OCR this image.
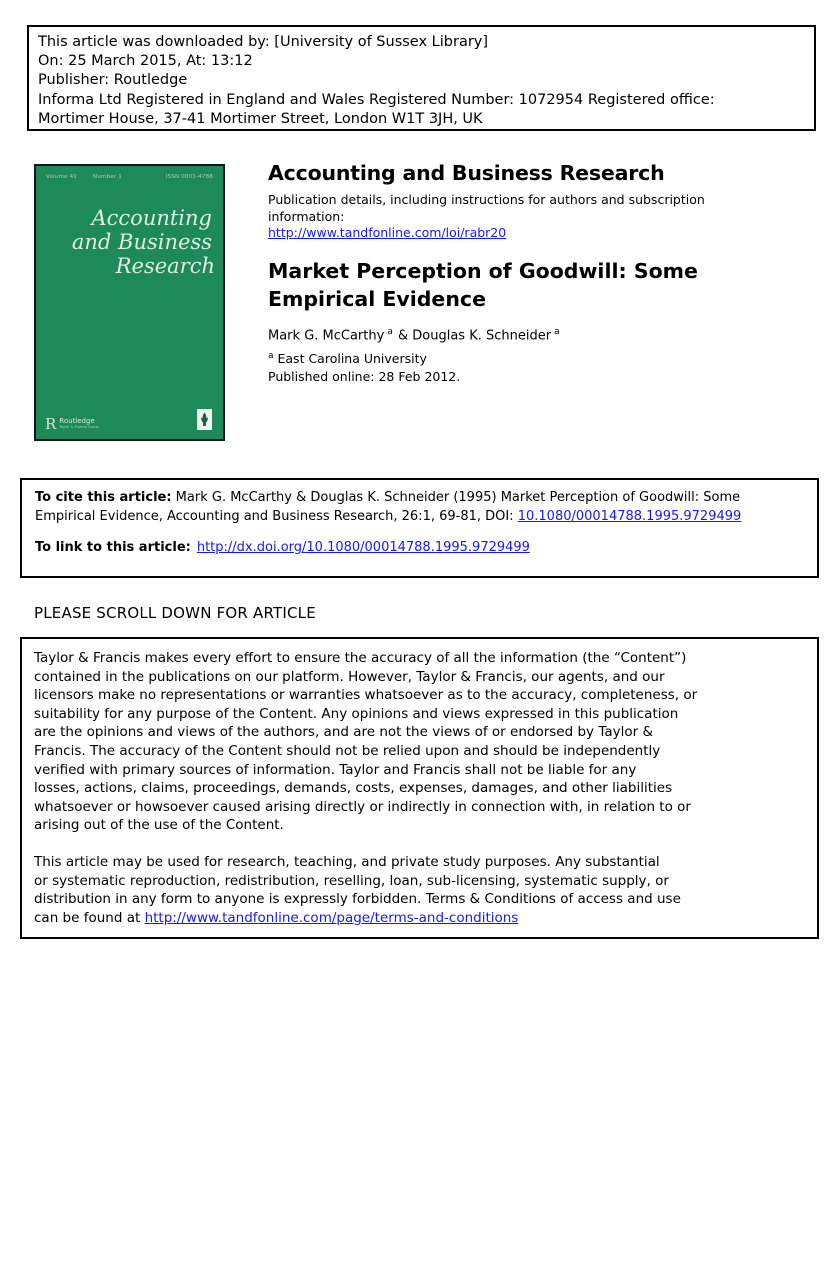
This article was downloaded by: [University of Sussex Library]
On: 25 March 2015, At: 13:12
Publisher: Routledge
Informa Ltd Registered in England and Wales Registered Number: 1072954 Registered office:
Mortimer House, 37-41 Mortimer Street, London W1T 3JH, UK
Volume 41	Number 1	ISSN 0001-4788
Accounting
and Business
Research
R Routledge
Taylor & Francis Group
Accounting and Business Research
Publication details, including instructions for authors and subscription
information:
http://www.tandfonline.com/loi/rabr20
Market Perception of Goodwill: Some
Empirical Evidence
Mark G. McCarthy $^a$ & Douglas K. Schneider $^a$
$^a$ East Carolina University
Published online: 28 Feb 2012.
To cite this article: Mark G. McCarthy & Douglas K. Schneider (1995) Market Perception of Goodwill: Some
Empirical Evidence, Accounting and Business Research, 26:1, 69-81, DOI: 10.1080/00014788.1995.9729499
To link to this article: http://dx.doi.org/10.1080/00014788.1995.9729499
PLEASE SCROLL DOWN FOR ARTICLE
Taylor & Francis makes every effort to ensure the accuracy of all the information (the “Content”)
contained in the publications on our platform. However, Taylor & Francis, our agents, and our
licensors make no representations or warranties whatsoever as to the accuracy, completeness, or
suitability for any purpose of the Content. Any opinions and views expressed in this publication
are the opinions and views of the authors, and are not the views of or endorsed by Taylor &
Francis. The accuracy of the Content should not be relied upon and should be independently
verified with primary sources of information. Taylor and Francis shall not be liable for any
losses, actions, claims, proceedings, demands, costs, expenses, damages, and other liabilities
whatsoever or howsoever caused arising directly or indirectly in connection with, in relation to or
arising out of the use of the Content.
This article may be used for research, teaching, and private study purposes. Any substantial
or systematic reproduction, redistribution, reselling, loan, sub-licensing, systematic supply, or
distribution in any form to anyone is expressly forbidden. Terms & Conditions of access and use
can be found at http://www.tandfonline.com/page/terms-and-conditions
